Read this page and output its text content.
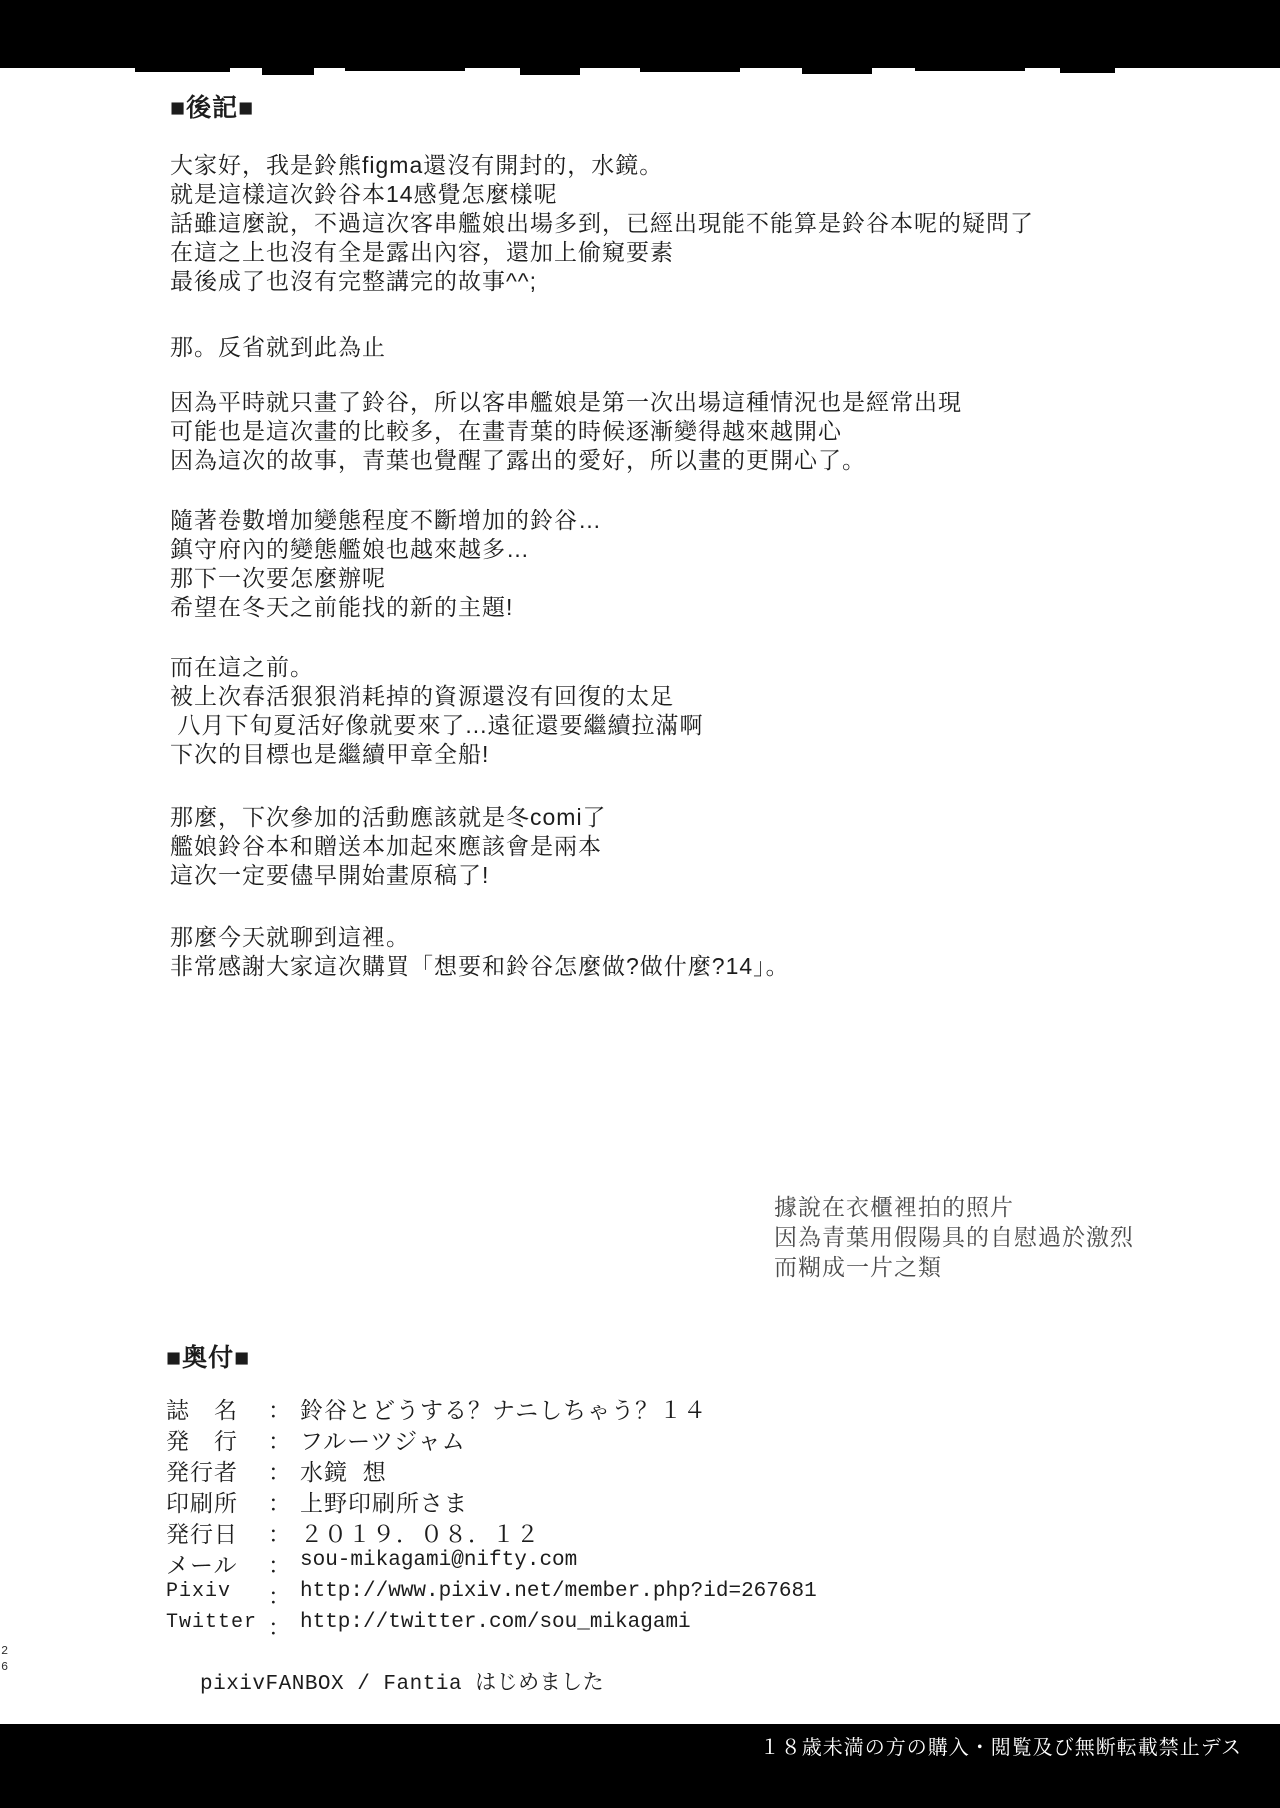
■後記■
大家好，我是鈴熊figma還沒有開封的，水鏡。
就是這樣這次鈴谷本14感覺怎麼樣呢
話雖這麼說，不過這次客串艦娘出場多到，已經出現能不能算是鈴谷本呢的疑問了
在這之上也沒有全是露出內容，還加上偷窺要素
最後成了也沒有完整講完的故事^^;
那。反省就到此為止
因為平時就只畫了鈴谷，所以客串艦娘是第一次出場這種情況也是經常出現
可能也是這次畫的比較多，在畫青葉的時候逐漸變得越來越開心
因為這次的故事，青葉也覺醒了露出的愛好，所以畫的更開心了。
隨著卷數增加變態程度不斷增加的鈴谷…
鎮守府內的變態艦娘也越來越多…
那下一次要怎麼辦呢
希望在冬天之前能找的新的主題!
而在這之前。
被上次春活狠狠消耗掉的資源還沒有回復的太足
八月下旬夏活好像就要來了...遠征還要繼續拉滿啊
下次的目標也是繼續甲章全船!
那麼，下次參加的活動應該就是冬comi了
艦娘鈴谷本和贈送本加起來應該會是兩本
這次一定要儘早開始畫原稿了!
那麼今天就聊到這裡。
非常感謝大家這次購買「想要和鈴谷怎麼做?做什麼?14」。
據說在衣櫃裡拍的照片
因為青葉用假陽具的自慰過於激烈
而糊成一片之類
■奥付■
誌　名	： 鈴谷とどうする？ナニしちゃう？１４
発　行	： フルーツジャム
発行者	： 水鏡 想
印刷所	： 上野印刷所さま
発行日	： ２０１９．０８．１２
メール	： sou-mikagami@nifty.com
Pixiv	： http://www.pixiv.net/member.php?id=267681
Twitter ： http://twitter.com/sou_mikagami
pixivFANBOX / Fantia はじめました
2
6
１８歳未満の方の購入・閲覧及び無断転載禁止デス
